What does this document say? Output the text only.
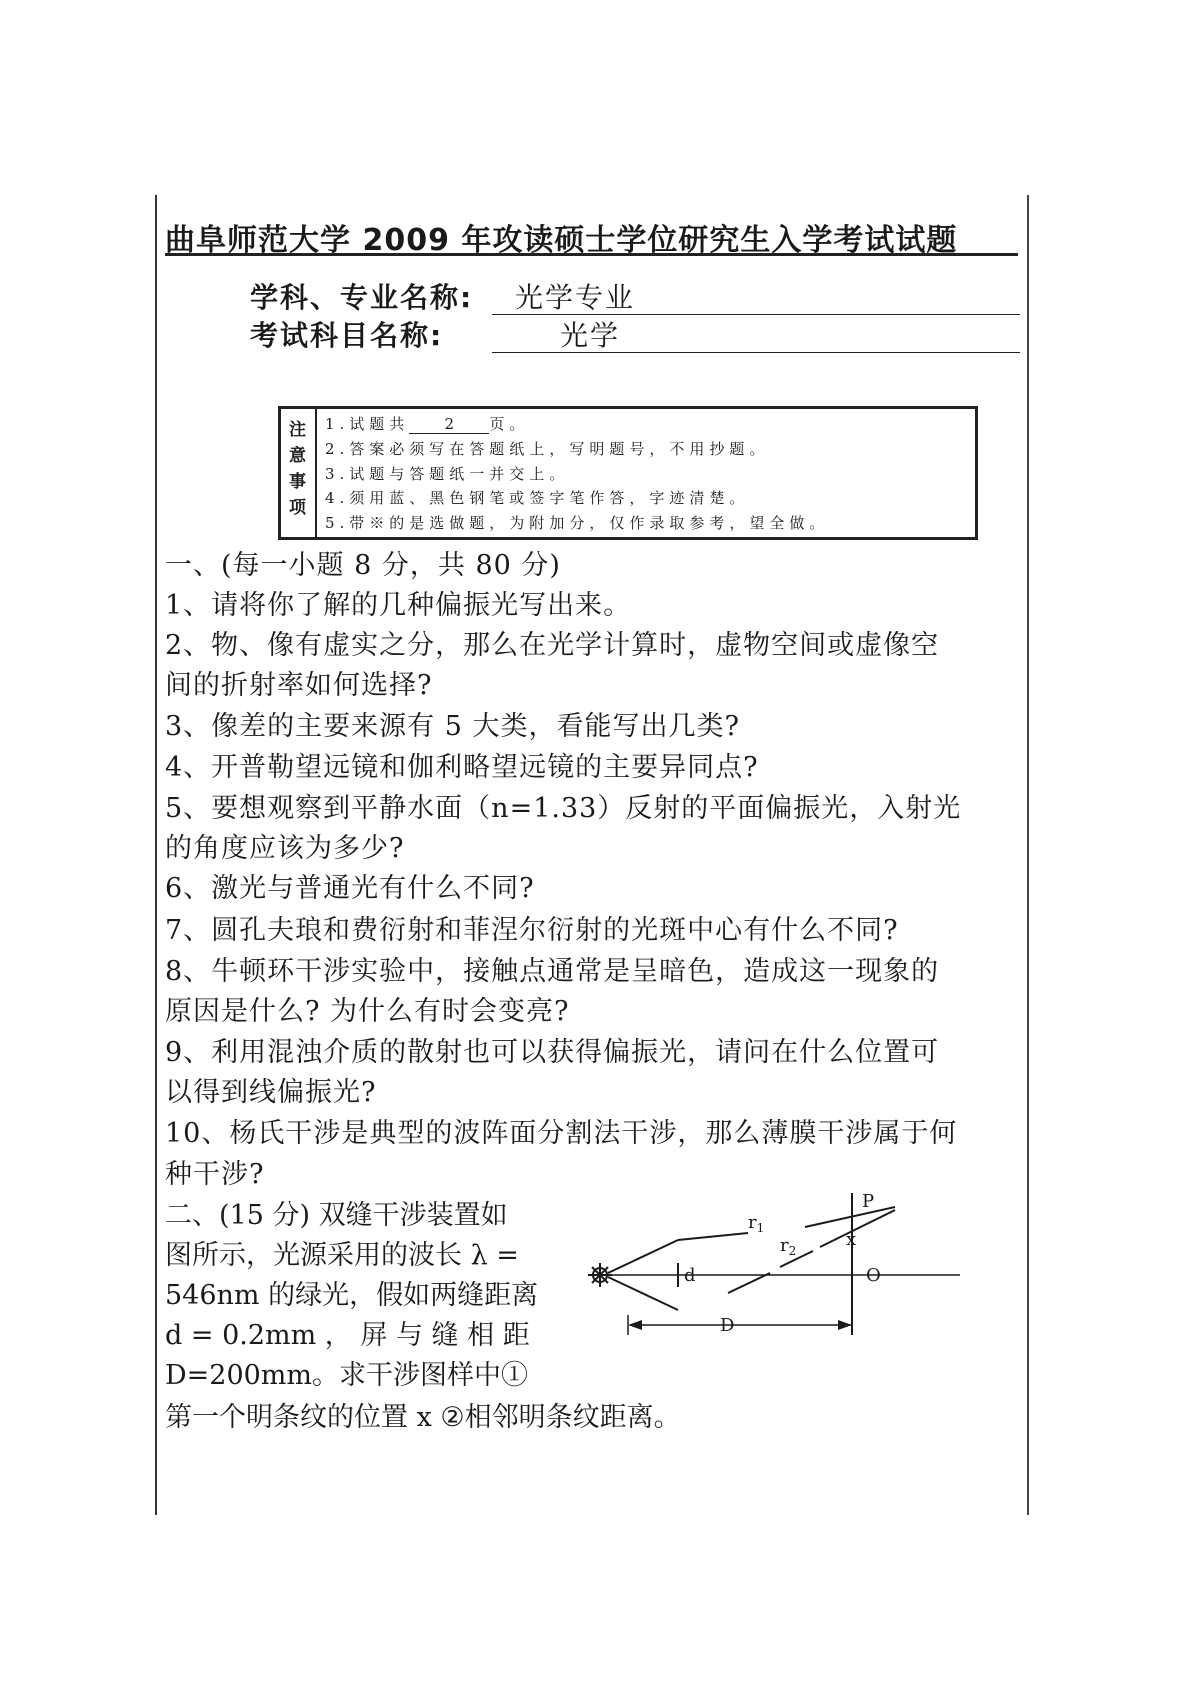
曲阜师范大学 2009 年攻读硕士学位研究生入学考试试题
学科、专业名称: 光学专业
考试科目名称:	光学
注
意
事
项
1.试题共 2 页。
2.答案必须写在答题纸上，写明题号，不用抄题。
3.试题与答题纸一并交上。
4.须用蓝、黑色钢笔或签字笔作答，字迹清楚。
5.带※的是选做题，为附加分，仅作录取参考，望全做。
一、(每一小题 8 分，共 80 分)
1、请将你了解的几种偏振光写出来。
2、物、像有虚实之分，那么在光学计算时，虚物空间或虚像空
间的折射率如何选择?
3、像差的主要来源有 5 大类，看能写出几类?
4、开普勒望远镜和伽利略望远镜的主要异同点?
5、要想观察到平静水面（n=1.33）反射的平面偏振光，入射光
的角度应该为多少?
6、激光与普通光有什么不同?
7、圆孔夫琅和费衍射和菲涅尔衍射的光斑中心有什么不同?
8、牛顿环干涉实验中，接触点通常是呈暗色，造成这一现象的
原因是什么? 为什么有时会变亮?
9、利用混浊介质的散射也可以获得偏振光，请问在什么位置可
以得到线偏振光?
10、杨氏干涉是典型的波阵面分割法干涉，那么薄膜干涉属于何
种干涉?
二、(15 分) 双缝干涉装置如
图所示，光源采用的波长 λ =
546nm 的绿光，假如两缝距离
d = 0.2mm ， 屏 与 缝 相 距
D=200mm。求干涉图样中①
第一个明条纹的位置 x ②相邻明条纹距离。
$r_1$
$r_2$
d
P
x
O
D
